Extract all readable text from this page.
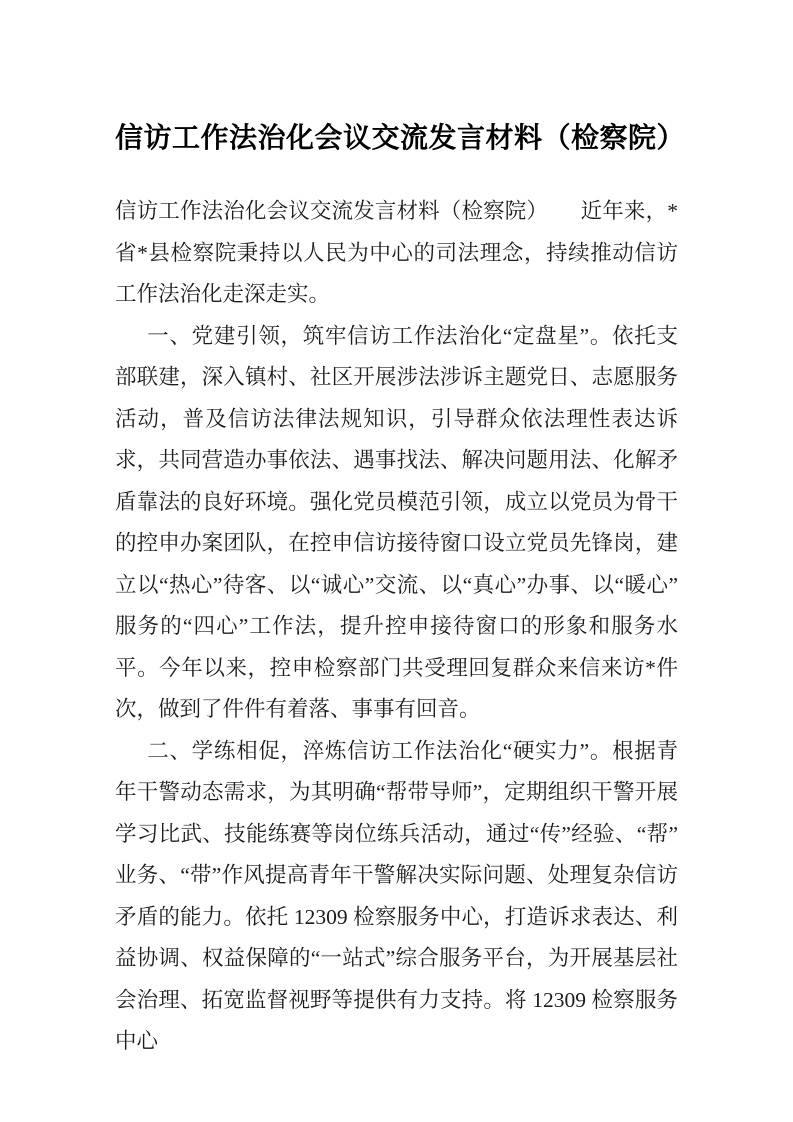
信访工作法治化会议交流发言材料（检察院）

信访工作法治化会议交流发言材料（检察院）　　近年来，*省*县检察院秉持以人民为中心的司法理念，持续推动信访工作法治化走深走实。

一、党建引领，筑牢信访工作法治化“定盘星”。依托支部联建，深入镇村、社区开展涉法涉诉主题党日、志愿服务活动，普及信访法律法规知识，引导群众依法理性表达诉求，共同营造办事依法、遇事找法、解决问题用法、化解矛盾靠法的良好环境。强化党员模范引领，成立以党员为骨干的控申办案团队，在控申信访接待窗口设立党员先锋岗，建立以“热心”待客、以“诚心”交流、以“真心”办事、以“暖心”服务的“四心”工作法，提升控申接待窗口的形象和服务水平。今年以来，控申检察部门共受理回复群众来信来访*件次，做到了件件有着落、事事有回音。

二、学练相促，淬炼信访工作法治化“硬实力”。根据青年干警动态需求，为其明确“帮带导师”，定期组织干警开展学习比武、技能练赛等岗位练兵活动，通过“传”经验、“帮”业务、“带”作风提高青年干警解决实际问题、处理复杂信访矛盾的能力。依托 12309 检察服务中心，打造诉求表达、利益协调、权益保障的“一站式”综合服务平台，为开展基层社会治理、拓宽监督视野等提供有力支持。将 12309 检察服务中心
